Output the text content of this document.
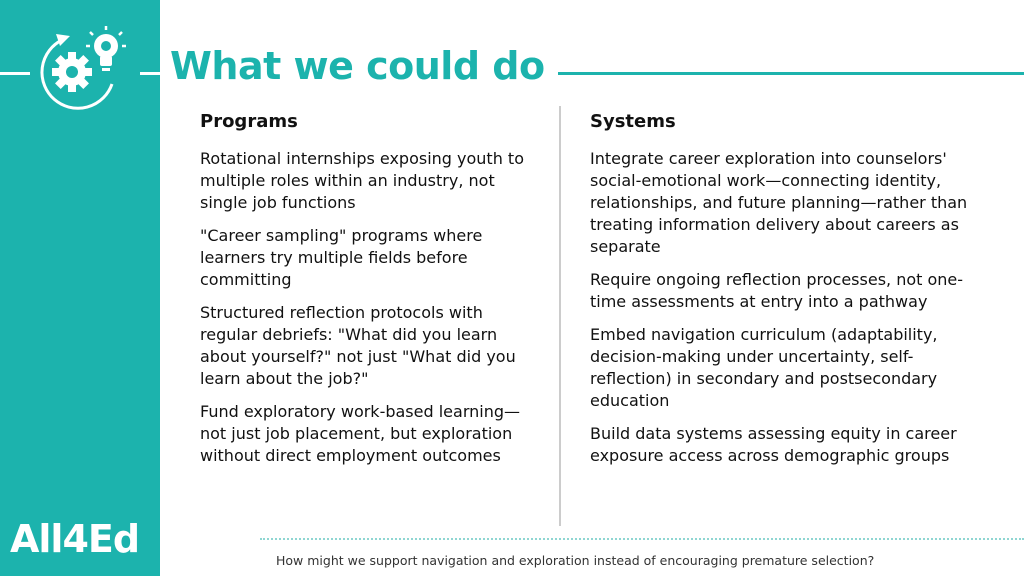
What we could do
Programs

Rotational internships exposing youth to multiple roles within an industry, not single job functions

"Career sampling" programs where learners try multiple fields before committing

Structured reflection protocols with regular debriefs: "What did you learn about yourself?" not just "What did you learn about the job?"

Fund exploratory work-based learning—not just job placement, but exploration without direct employment outcomes

Systems

Integrate career exploration into counselors' social-emotional work—connecting identity, relationships, and future planning—rather than treating information delivery about careers as separate

Require ongoing reflection processes, not one-time assessments at entry into a pathway

Embed navigation curriculum (adaptability, decision-making under uncertainty, self-reflection) in secondary and postsecondary education

Build data systems assessing equity in career exposure access across demographic groups

All4Ed	How might we support navigation and exploration instead of encouraging premature selection?
